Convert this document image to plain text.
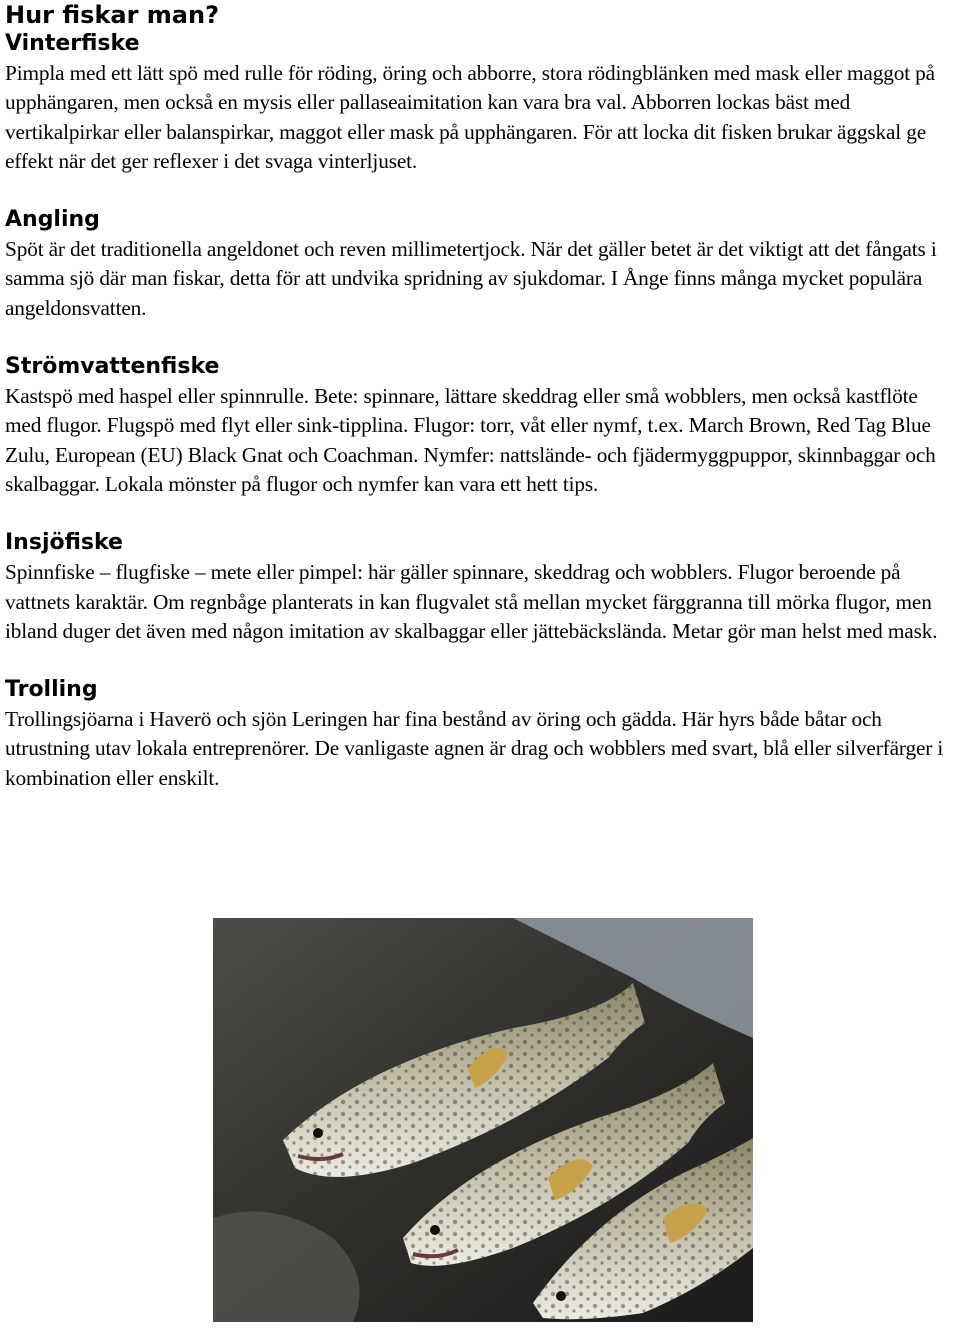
Hur fiskar man?
Vinterfiske

Pimpla med ett lätt spö med rulle för röding, öring och abborre, stora rödingblänken med mask eller maggot på upphängaren, men också en mysis eller pallaseaimitation kan vara bra val. Abborren lockas bäst med vertikalpirkar eller balanspirkar, maggot eller mask på upphängaren. För att locka dit fisken brukar äggskal ge effekt när det ger reflexer i det svaga vinterljuset.

Angling

Spöt är det traditionella angeldonet och reven millimetertjock. När det gäller betet är det viktigt att det fångats i samma sjö där man fiskar, detta för att undvika spridning av sjukdomar. I Ånge finns många mycket populära angeldonsvatten.

Strömvattenfiske

Kastspö med haspel eller spinnrulle. Bete: spinnare, lättare skeddrag eller små wobblers, men också kastflöte med flugor. Flugspö med flyt eller sink-tipplina. Flugor: torr, våt eller nymf, t.ex. March Brown, Red Tag Blue Zulu, European (EU) Black Gnat och Coachman. Nymfer: nattslände- och fjädermyggpuppor, skinnbaggar och skalbaggar. Lokala mönster på flugor och nymfer kan vara ett hett tips.

Insjöfiske

Spinnfiske – flugfiske – mete eller pimpel: här gäller spinnare, skeddrag och wobblers. Flugor beroende på vattnets karaktär. Om regnbåge planterats in kan flugvalet stå mellan mycket färggranna till mörka flugor, men ibland duger det även med någon imitation av skalbaggar eller jättebäcksländа. Metar gör man helst med mask.

Trolling

Trollingsjöarna i Haverö och sjön Leringen har fina bestånd av öring och gädda. Här hyrs både båtar och utrustning utav lokala entreprenörer. De vanligaste agnen är drag och wobblers med svart, blå eller silverfärger i kombination eller enskilt.
